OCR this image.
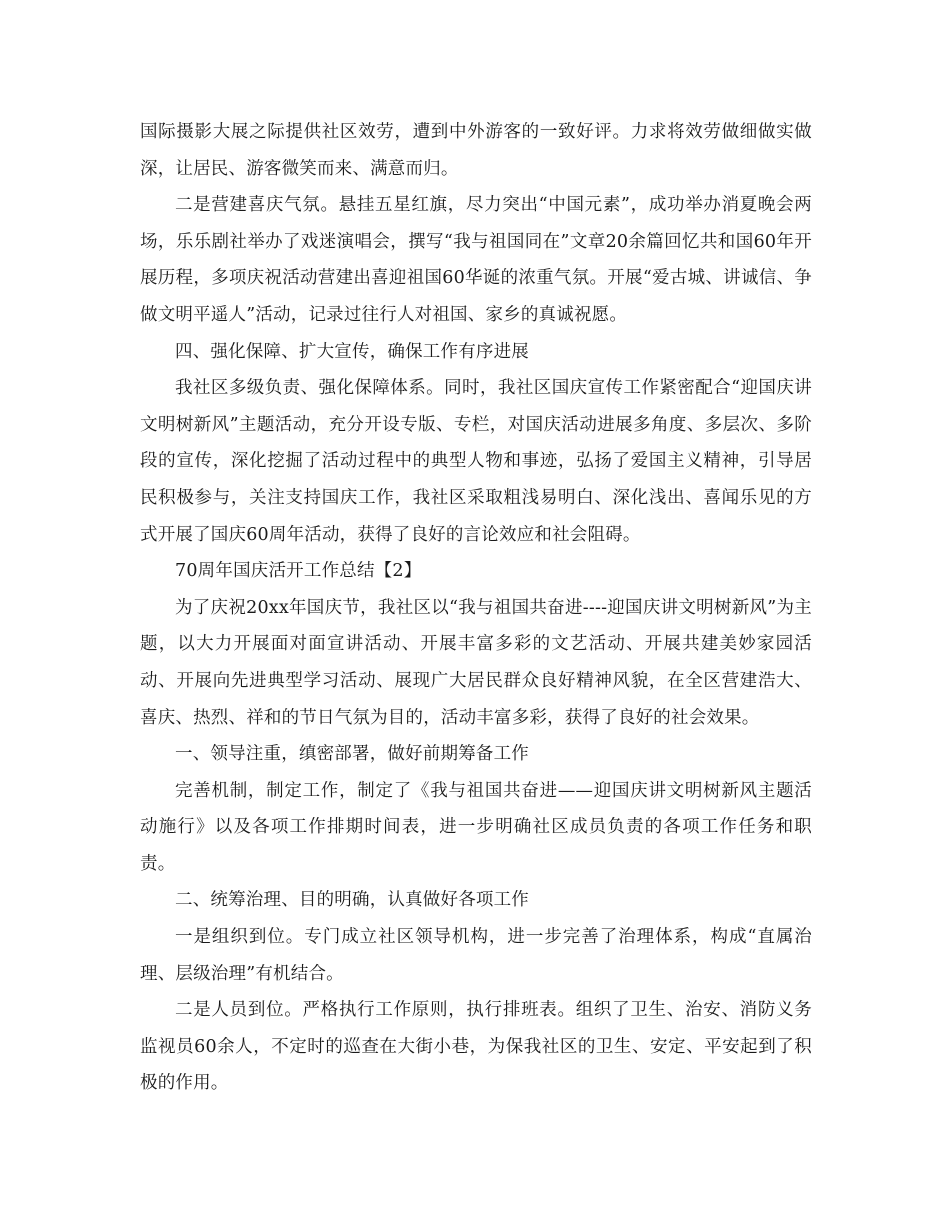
国际摄影大展之际提供社区效劳，遭到中外游客的一致好评。力求将效劳做细做实做深，让居民、游客微笑而来、满意而归。

二是营建喜庆气氛。悬挂五星红旗，尽力突出“中国元素”，成功举办消夏晚会两场，乐乐剧社举办了戏迷演唱会，撰写“我与祖国同在”文章20余篇回忆共和国60年开展历程，多项庆祝活动营建出喜迎祖国60华诞的浓重气氛。开展“爱古城、讲诚信、争做文明平遥人”活动，记录过往行人对祖国、家乡的真诚祝愿。

四、强化保障、扩大宣传，确保工作有序进展

我社区多级负责、强化保障体系。同时，我社区国庆宣传工作紧密配合“迎国庆讲文明树新风”主题活动，充分开设专版、专栏，对国庆活动进展多角度、多层次、多阶段的宣传，深化挖掘了活动过程中的典型人物和事迹，弘扬了爱国主义精神，引导居民积极参与，关注支持国庆工作，我社区采取粗浅易明白、深化浅出、喜闻乐见的方式开展了国庆60周年活动，获得了良好的言论效应和社会阻碍。

70周年国庆活开工作总结【2】

为了庆祝20xx年国庆节，我社区以“我与祖国共奋进----迎国庆讲文明树新风”为主题，以大力开展面对面宣讲活动、开展丰富多彩的文艺活动、开展共建美妙家园活动、开展向先进典型学习活动、展现广大居民群众良好精神风貌，在全区营建浩大、喜庆、热烈、祥和的节日气氛为目的，活动丰富多彩，获得了良好的社会效果。

一、领导注重，缜密部署，做好前期筹备工作

完善机制，制定工作，制定了《我与祖国共奋进——迎国庆讲文明树新风主题活动施行》以及各项工作排期时间表，进一步明确社区成员负责的各项工作任务和职责。

二、统筹治理、目的明确，认真做好各项工作

一是组织到位。专门成立社区领导机构，进一步完善了治理体系，构成“直属治理、层级治理”有机结合。

二是人员到位。严格执行工作原则，执行排班表。组织了卫生、治安、消防义务监视员60余人，不定时的巡查在大街小巷，为保我社区的卫生、安定、平安起到了积极的作用。
